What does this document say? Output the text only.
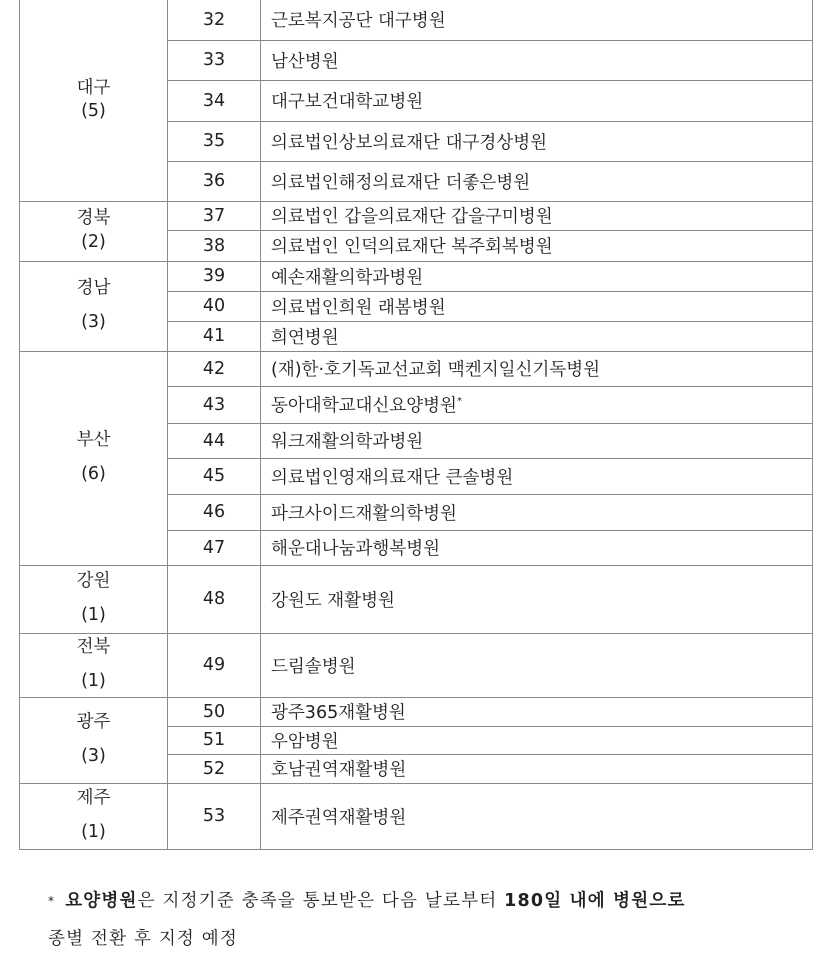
대구
(5)	32	근로복지공단 대구병원
	33	남산병원
	34	대구보건대학교병원
	35	의료법인상보의료재단 대구경상병원
	36	의료법인해정의료재단 더좋은병원

경북
(2)	37	의료법인 갑을의료재단 갑을구미병원
	38	의료법인 인덕의료재단 복주회복병원

경남
(3)	39	예손재활의학과병원
	40	의료법인희원 래봄병원
	41	희연병원

부산
(6)	42	(재)한·호기독교선교회 맥켄지일신기독병원
	43	동아대학교대신요양병원*
	44	워크재활의학과병원
	45	의료법인영재의료재단 큰솔병원
	46	파크사이드재활의학병원
	47	해운대나눔과행복병원

강원
(1)	48	강원도 재활병원

전북
(1)	49	드림솔병원

광주
(3)	50	광주365재활병원
	51	우암병원
	52	호남권역재활병원

제주
(1)	53	제주권역재활병원
* 요양병원은 지정기준 충족을 통보받은 다음 날로부터 180일 내에 병원으로
종별 전환 후 지정 예정
